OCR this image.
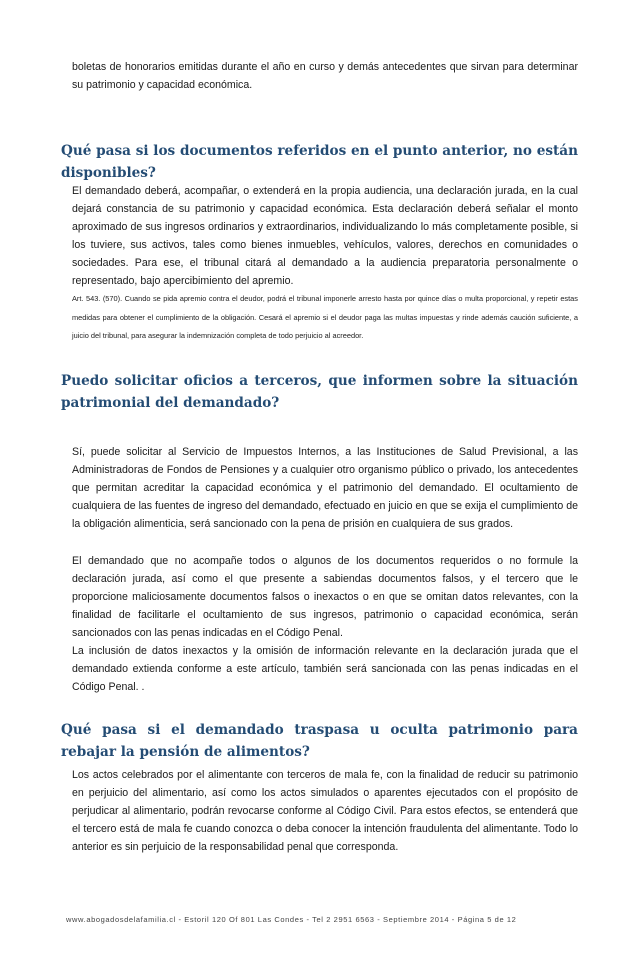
boletas de honorarios emitidas durante el año en curso y demás antecedentes que sirvan para determinar su patrimonio y capacidad económica.

Qué pasa si los documentos referidos en el punto anterior, no están disponibles?

El demandado deberá, acompañar, o extenderá en la propia audiencia, una declaración jurada, en la cual dejará constancia de su patrimonio y capacidad económica. Esta declaración deberá señalar el monto aproximado de sus ingresos ordinarios y extraordinarios, individualizando lo más completamente posible, si los tuviere, sus activos, tales como bienes inmuebles, vehículos, valores, derechos en comunidades o sociedades. Para ese, el tribunal citará al demandado a la audiencia preparatoria personalmente o representado, bajo apercibimiento del apremio.

Art. 543. (570). Cuando se pida apremio contra el deudor, podrá el tribunal imponerle arresto hasta por quince días o multa proporcional, y repetir estas medidas para obtener el cumplimiento de la obligación. Cesará el apremio si el deudor paga las multas impuestas y rinde además caución suficiente, a juicio del tribunal, para asegurar la indemnización completa de todo perjuicio al acreedor.

Puedo solicitar oficios a terceros, que informen sobre la situación patrimonial del demandado?

Sí, puede solicitar al Servicio de Impuestos Internos, a las Instituciones de Salud Previsional, a las Administradoras de Fondos de Pensiones y a cualquier otro organismo público o privado, los antecedentes que permitan acreditar la capacidad económica y el patrimonio del demandado. El ocultamiento de cualquiera de las fuentes de ingreso del demandado, efectuado en juicio en que se exija el cumplimiento de la obligación alimenticia, será sancionado con la pena de prisión en cualquiera de sus grados.

El demandado que no acompañe todos o algunos de los documentos requeridos o no formule la declaración jurada, así como el que presente a sabiendas documentos falsos, y el tercero que le proporcione maliciosamente documentos falsos o inexactos o en que se omitan datos relevantes, con la finalidad de facilitarle el ocultamiento de sus ingresos, patrimonio o capacidad económica, serán sancionados con las penas indicadas en el Código Penal.

La inclusión de datos inexactos y la omisión de información relevante en la declaración jurada que el demandado extienda conforme a este artículo, también será sancionada con las penas indicadas en el Código Penal. .

Qué pasa si el demandado traspasa u oculta patrimonio para rebajar la pensión de alimentos?

Los actos celebrados por el alimentante con terceros de mala fe, con la finalidad de reducir su patrimonio en perjuicio del alimentario, así como los actos simulados o aparentes ejecutados con el propósito de perjudicar al alimentario, podrán revocarse conforme al Código Civil. Para estos efectos, se entenderá que el tercero está de mala fe cuando conozca o deba conocer la intención fraudulenta del alimentante. Todo lo anterior es sin perjuicio de la responsabilidad penal que corresponda.

www.abogadosdelafamilia.cl - Estoril 120 Of 801 Las Condes - Tel 2 2951 6563 - Septiembre 2014 - Página 5 de 12
